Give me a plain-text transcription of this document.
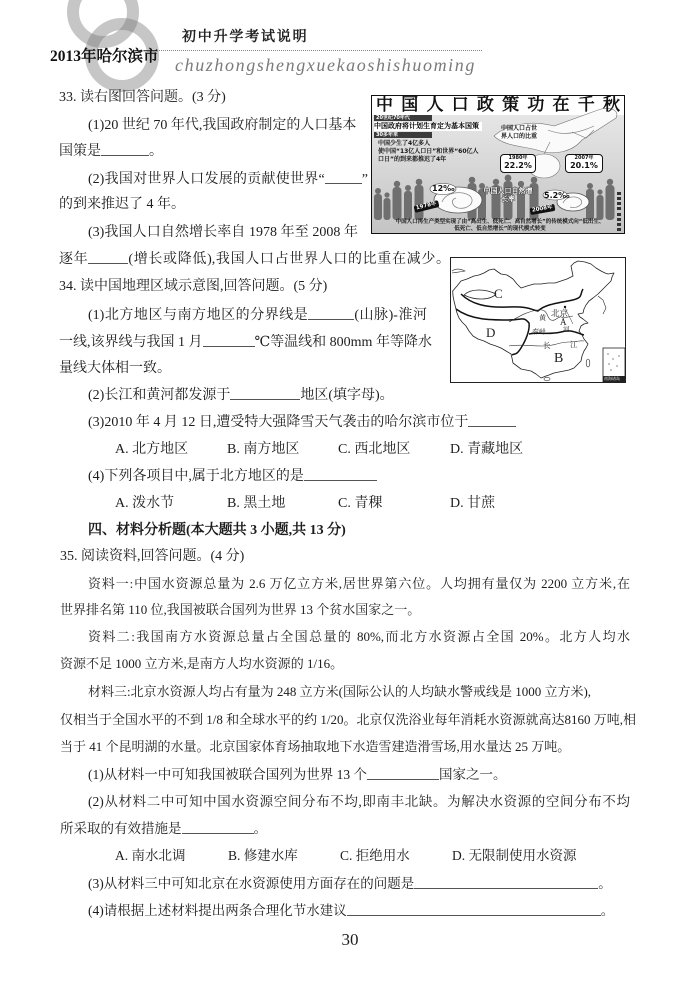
2013年哈尔滨市
初中升学考试说明
chuzhongshengxuekaoshishuoming
33. 读右图回答问题。(3 分)
(1)20 世纪 70 年代,我国政府制定的人口基本
国策是	。
(2)我国对世界人口发展的贡献使世界“	”
的到来推迟了 4 年。
(3)我国人口自然增长率自 1978 年至 2008 年
逐年	(增长或降低),我国人口占世界人口的比重在减少。
中国人口政策功在千秋
20世纪70年代
中国政府将计划生育定为基本国策
30多年来
中国少生了4亿多人
使中国“13亿人口日”和世界“60亿人口日”的到来都推迟了4年
中国人口占世界人口的比重
1980年
22.2%
2007年
20.1%
中国人口自然增长率
12‰
1978年
5.2‰
2008年
中国人口再生产类型实现了由“高出生、低死亡、高自然增长”的传统模式向“低出生、低死亡、低自然增长”的现代模式转变
34. 读中国地理区域示意图,回答问题。(5 分)
(1)北方地区与南方地区的分界线是	(山脉)-淮河
一线,该界线与我国 1 月	℃等温线和 800mm 年等降水
量线大体相一致。
(2)长江和黄河都发源于	地区(填字母)。
(3)2010 年 4 月 12 日,遭受特大强降雪天气袭击的哈尔滨市位于
A. 北方地区	B. 南方地区	C. 西北地区	D. 青藏地区
(4)下列各项目中,属于北方地区的是
A. 泼水节	B. 黑土地	C. 青稞	D. 甘蔗
C
D
北京
黄 A
河
秦岭
长	江
B
南海诸岛
四、材料分析题(本大题共 3 小题,共 13 分)
35. 阅读资料,回答问题。(4 分)
资料一:中国水资源总量为 2.6 万亿立方米,居世界第六位。人均拥有量仅为 2200 立方米,在
世界排名第 110 位,我国被联合国列为世界 13 个贫水国家之一。
资料二:我国南方水资源总量占全国总量的 80%,而北方水资源占全国 20%。北方人均水
资源不足 1000 立方米,是南方人均水资源的 1/16。
材料三:北京水资源人均占有量为 248 立方米(国际公认的人均缺水警戒线是 1000 立方米),
仅相当于全国水平的不到 1/8 和全球水平的约 1/20。北京仅洗浴业每年消耗水资源就高达8160 万吨,相
当于 41 个昆明湖的水量。北京国家体育场抽取地下水造雪建造滑雪场,用水量达 25 万吨。
(1)从材料一中可知我国被联合国列为世界 13 个	国家之一。
(2)从材料二中可知中国水资源空间分布不均,即南丰北缺。为解决水资源的空间分布不均
所采取的有效措施是	。
A. 南水北调	B. 修建水库	C. 拒绝用水	D. 无限制使用水资源
(3)从材料三中可知北京在水资源使用方面存在的问题是	。
(4)请根据上述材料提出两条合理化节水建议	。
30
